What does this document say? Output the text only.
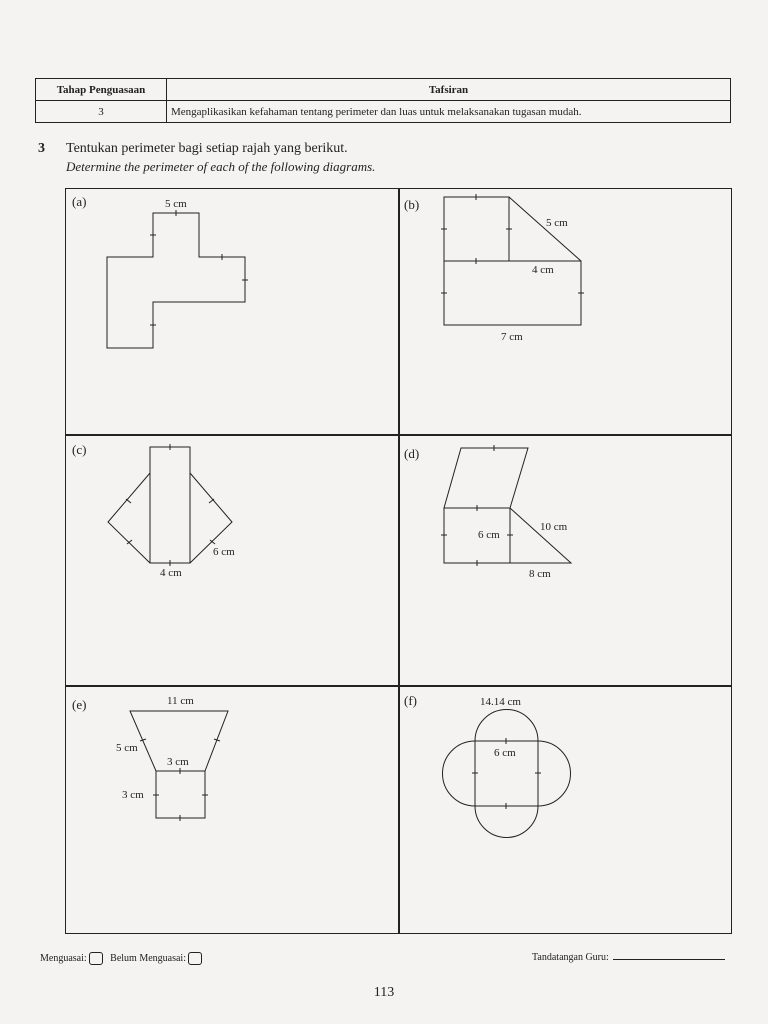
Tahap Penguasaan	Tafsiran
3	Mengaplikasikan kefahaman tentang perimeter dan luas untuk melaksanakan tugasan mudah.
3 Tentukan perimeter bagi setiap rajah yang berikut.
Determine the perimeter of each of the following diagrams.
(a)	(b)
(c)	(d)
(e)	(f)
5 cm
5 cm
4 cm
7 cm
6 cm
4 cm
10 cm
6 cm
8 cm
11 cm
5 cm
3 cm
3 cm
14.14 cm
6 cm
Menguasai: Belum Menguasai:	Tandatangan Guru:
113
